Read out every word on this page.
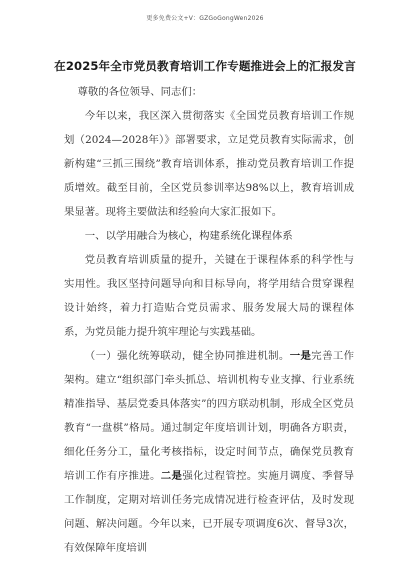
更多免费公文+V：GZGoGongWen2026
在2025年全市党员教育培训工作专题推进会上的汇报发言

尊敬的各位领导、同志们：

今年以来，我区深入贯彻落实《全国党员教育培训工作规划（2024—2028年）》部署要求，立足党员教育实际需求，创新构建“三抓三围绕”教育培训体系，推动党员教育培训工作提质增效。截至目前，全区党员参训率达98%以上，教育培训成果显著。现将主要做法和经验向大家汇报如下。

一、以学用融合为核心，构建系统化课程体系

党员教育培训质量的提升，关键在于课程体系的科学性与实用性。我区坚持问题导向和目标导向，将学用结合贯穿课程设计始终，着力打造贴合党员需求、服务发展大局的课程体系，为党员能力提升筑牢理论与实践基础。

（一）强化统筹联动，健全协同推进机制。一是完善工作架构。建立“组织部门牵头抓总、培训机构专业支撑、行业系统精准指导、基层党委具体落实”的四方联动机制，形成全区党员教育“一盘棋”格局。通过制定年度培训计划，明确各方职责，细化任务分工，量化考核指标，设定时间节点，确保党员教育培训工作有序推进。二是强化过程管控。实施月调度、季督导工作制度，定期对培训任务完成情况进行检查评估，及时发现问题、解决问题。今年以来，已开展专项调度6次、督导3次，有效保障年度培训
